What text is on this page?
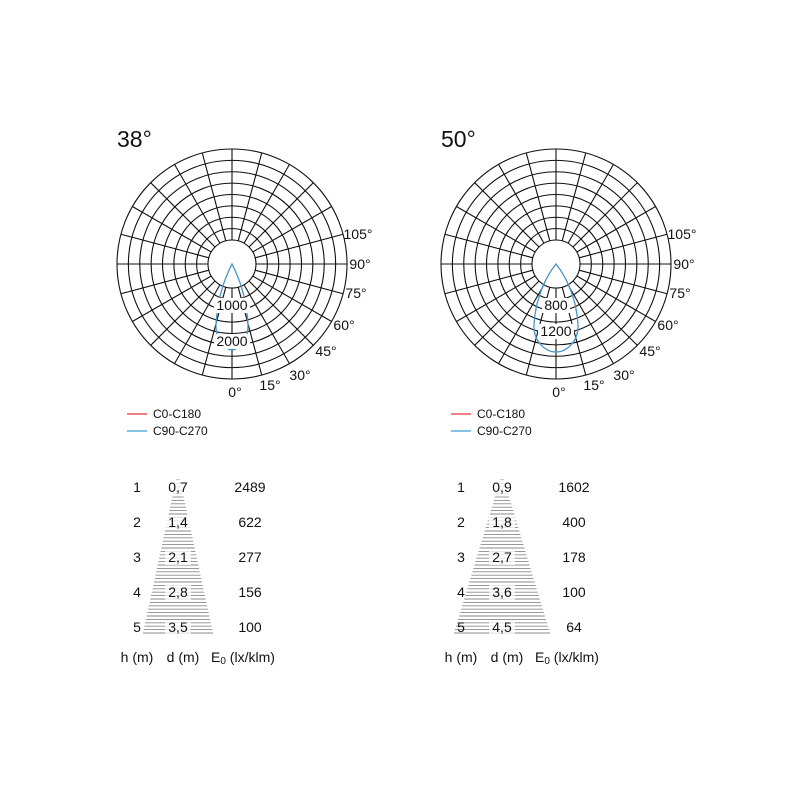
38°	50°
1000
2000
0° 15°
30°
45°
60°
75°
90°
105°
C0-C180
C90-C270
1 0,7	2489
2 1,4	622
3 2,1	277
4 2,8	156
5 3,5	100
h (m) d (m) E0 (lx/klm)
800
1200
0° 15°
30°
45°
60°
75°
90°
105°
C0-C180
C90-C270
1 0,9	1602
2 1,8	400
3 2,7	178
4 3,6	100
5 4,5	64
h (m) d (m) E0 (lx/klm)
